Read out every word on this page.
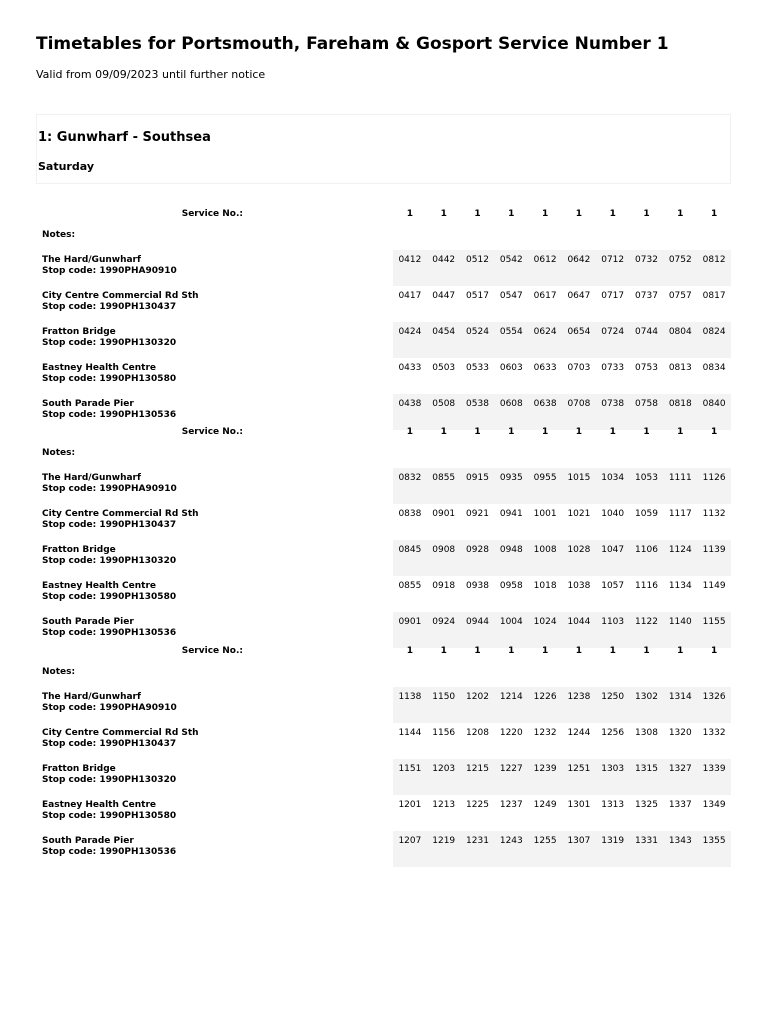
Timetables for Portsmouth, Fareham & Gosport Service Number 1

Valid from 09/09/2023 until further notice

1: Gunwharf - Southsea
Saturday
Service No.:	1	1	1	1	1	1	1	1	1	1
Notes:										
The Hard/Gunwharf
Stop code: 1990PHA90910	0412	0442	0512	0542	0612	0642	0712	0732	0752	0812
City Centre Commercial Rd Sth
Stop code: 1990PH130437	0417	0447	0517	0547	0617	0647	0717	0737	0757	0817
Fratton Bridge
Stop code: 1990PH130320	0424	0454	0524	0554	0624	0654	0724	0744	0804	0824
Eastney Health Centre
Stop code: 1990PH130580	0433	0503	0533	0603	0633	0703	0733	0753	0813	0834
South Parade Pier
Stop code: 1990PH130536	0438	0508	0538	0608	0638	0708	0738	0758	0818	0840
Service No.:	1	1	1	1	1	1	1	1	1	1
Notes:										
The Hard/Gunwharf
Stop code: 1990PHA90910	0832	0855	0915	0935	0955	1015	1034	1053	1111	1126
City Centre Commercial Rd Sth
Stop code: 1990PH130437	0838	0901	0921	0941	1001	1021	1040	1059	1117	1132
Fratton Bridge
Stop code: 1990PH130320	0845	0908	0928	0948	1008	1028	1047	1106	1124	1139
Eastney Health Centre
Stop code: 1990PH130580	0855	0918	0938	0958	1018	1038	1057	1116	1134	1149
South Parade Pier
Stop code: 1990PH130536	0901	0924	0944	1004	1024	1044	1103	1122	1140	1155
Service No.:	1	1	1	1	1	1	1	1	1	1
Notes:										
The Hard/Gunwharf
Stop code: 1990PHA90910	1138	1150	1202	1214	1226	1238	1250	1302	1314	1326
City Centre Commercial Rd Sth
Stop code: 1990PH130437	1144	1156	1208	1220	1232	1244	1256	1308	1320	1332
Fratton Bridge
Stop code: 1990PH130320	1151	1203	1215	1227	1239	1251	1303	1315	1327	1339
Eastney Health Centre
Stop code: 1990PH130580	1201	1213	1225	1237	1249	1301	1313	1325	1337	1349
South Parade Pier
Stop code: 1990PH130536	1207	1219	1231	1243	1255	1307	1319	1331	1343	1355
